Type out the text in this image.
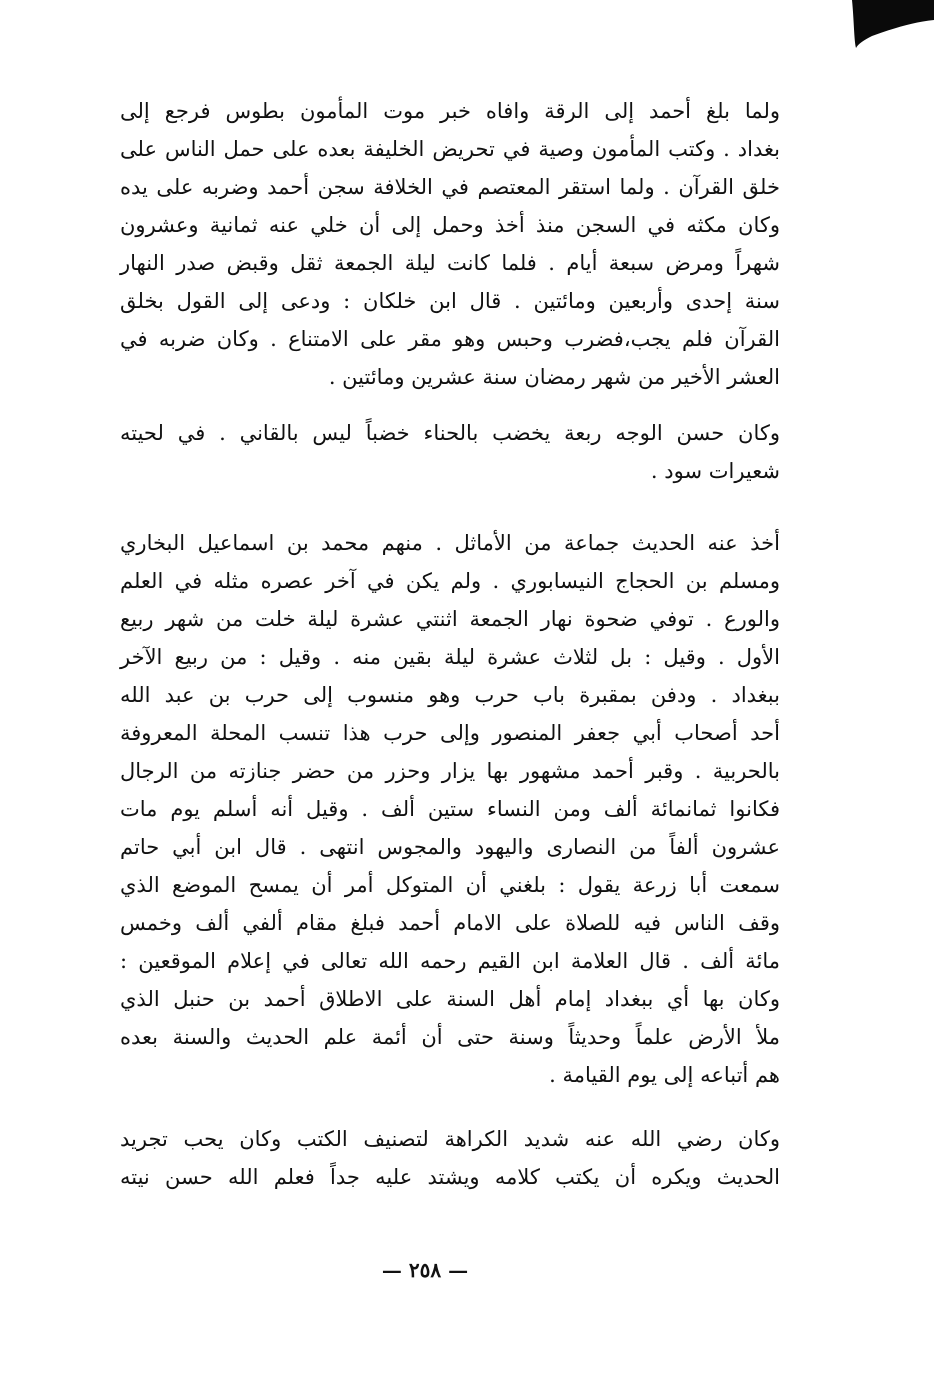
ولما بلغ أحمد إلى الرقة وافاه خبر موت المأمون بطوس فرجع إلى
بغداد . وكتب المأمون وصية في تحريض الخليفة بعده على حمل الناس على
خلق القرآن . ولما استقر المعتصم في الخلافة سجن أحمد وضربه على يده
وكان مكثه في السجن منذ أخذ وحمل إلى أن خلي عنه ثمانية وعشرون
شهراً ومرض سبعة أيام . فلما كانت ليلة الجمعة ثقل وقبض صدر النهار
سنة إحدى وأربعين ومائتين . قال ابن خلكان : ودعى إلى القول بخلق
القرآن فلم يجب،فضرب وحبس وهو مقر على الامتناع . وكان ضربه في
العشر الأخير من شهر رمضان سنة عشرين ومائتين .
وكان حسن الوجه ربعة يخضب بالحناء خضباً ليس بالقاني . في لحيته
شعيرات سود .
أخذ عنه الحديث جماعة من الأماثل . منهم محمد بن اسماعيل البخاري
ومسلم بن الحجاج النيسابوري . ولم يكن في آخر عصره مثله في العلم
والورع . توفي ضحوة نهار الجمعة اثنتي عشرة ليلة خلت من شهر ربيع
الأول . وقيل : بل لثلاث عشرة ليلة بقين منه . وقيل : من ربيع الآخر
ببغداد . ودفن بمقبرة باب حرب وهو منسوب إلى حرب بن عبد الله
أحد أصحاب أبي جعفر المنصور وإلى حرب هذا تنسب المحلة المعروفة
بالحربية . وقبر أحمد مشهور بها يزار وحزر من حضر جنازته من الرجال
فكانوا ثمانمائة ألف ومن النساء ستين ألف . وقيل أنه أسلم يوم مات
عشرون ألفاً من النصارى واليهود والمجوس انتهى . قال ابن أبي حاتم
سمعت أبا زرعة يقول : بلغني أن المتوكل أمر أن يمسح الموضع الذي
وقف الناس فيه للصلاة على الامام أحمد فبلغ مقام ألفي ألف وخمس
مائة ألف . قال العلامة ابن القيم رحمه الله تعالى في إعلام الموقعين :
وكان بها أي ببغداد إمام أهل السنة على الاطلاق أحمد بن حنبل الذي
ملأ الأرض علماً وحديثاً وسنة حتى أن أئمة علم الحديث والسنة بعده
هم أتباعه إلى يوم القيامة .
وكان رضي الله عنه شديد الكراهة لتصنيف الكتب وكان يحب تجريد
الحديث ويكره أن يكتب كلامه ويشتد عليه جداً فعلم الله حسن نيته
— ٢٥٨ —
